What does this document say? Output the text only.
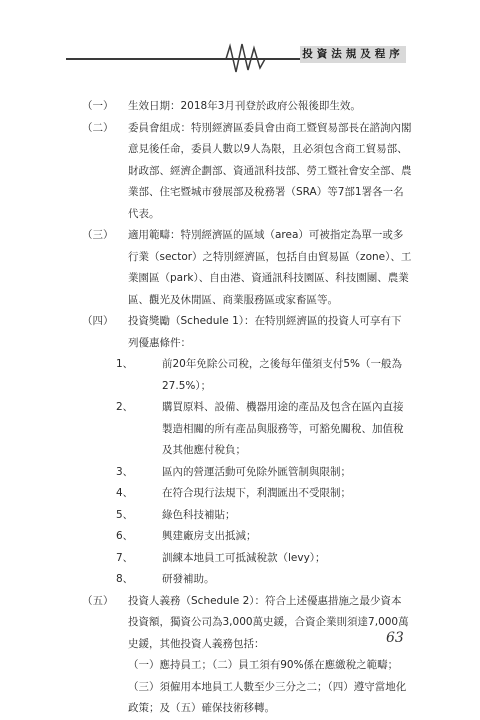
投資法規及程序
（一）	生效日期：2018年3月刊登於政府公報後即生效。
（二）	委員會組成：特別經濟區委員會由商工暨貿易部長在諮詢內閣意見後任命，委員人數以9人為限，且必須包含商工貿易部、財政部、經濟企劃部、資通訊科技部、勞工暨社會安全部、農業部、住宅暨城市發展部及稅務署（SRA）等7部1署各一名代表。
（三）	適用範疇：特別經濟區的區域（area）可被指定為單一或多行業（sector）之特別經濟區，包括自由貿易區（zone）、工業園區（park）、自由港、資通訊科技園區、科技園團、農業區、觀光及休閒區、商業服務區或家畜區等。
（四）	投資獎勵（Schedule 1）：在特別經濟區的投資人可享有下列優惠條件：
1、	前20年免除公司稅，之後每年僅須支付5%（一般為27.5%）；
2、	購買原料、設備、機器用途的產品及包含在區內直接製造相關的所有產品與服務等，可豁免關稅、加值稅及其他應付稅負；
3、	區內的營運活動可免除外匯管制與限制；
4、	在符合現行法規下，利潤匯出不受限制；
5、	綠色科技補貼；
6、	興建廠房支出抵減；
7、	訓練本地員工可抵減稅款（levy）；
8、	研發補助。
（五）	投資人義務（Schedule 2）：符合上述優惠措施之最少資本投資額，獨資公司為3,000萬史鍰，合資企業則須達7,000萬史鍰，其他投資人義務包括：
（一）應持員工；（二）員工須有90%係在應繳稅之範疇；（三）須僱用本地員工人數至少三分之二；（四）遵守當地化政策；及（五）確保技術移轉。
63
